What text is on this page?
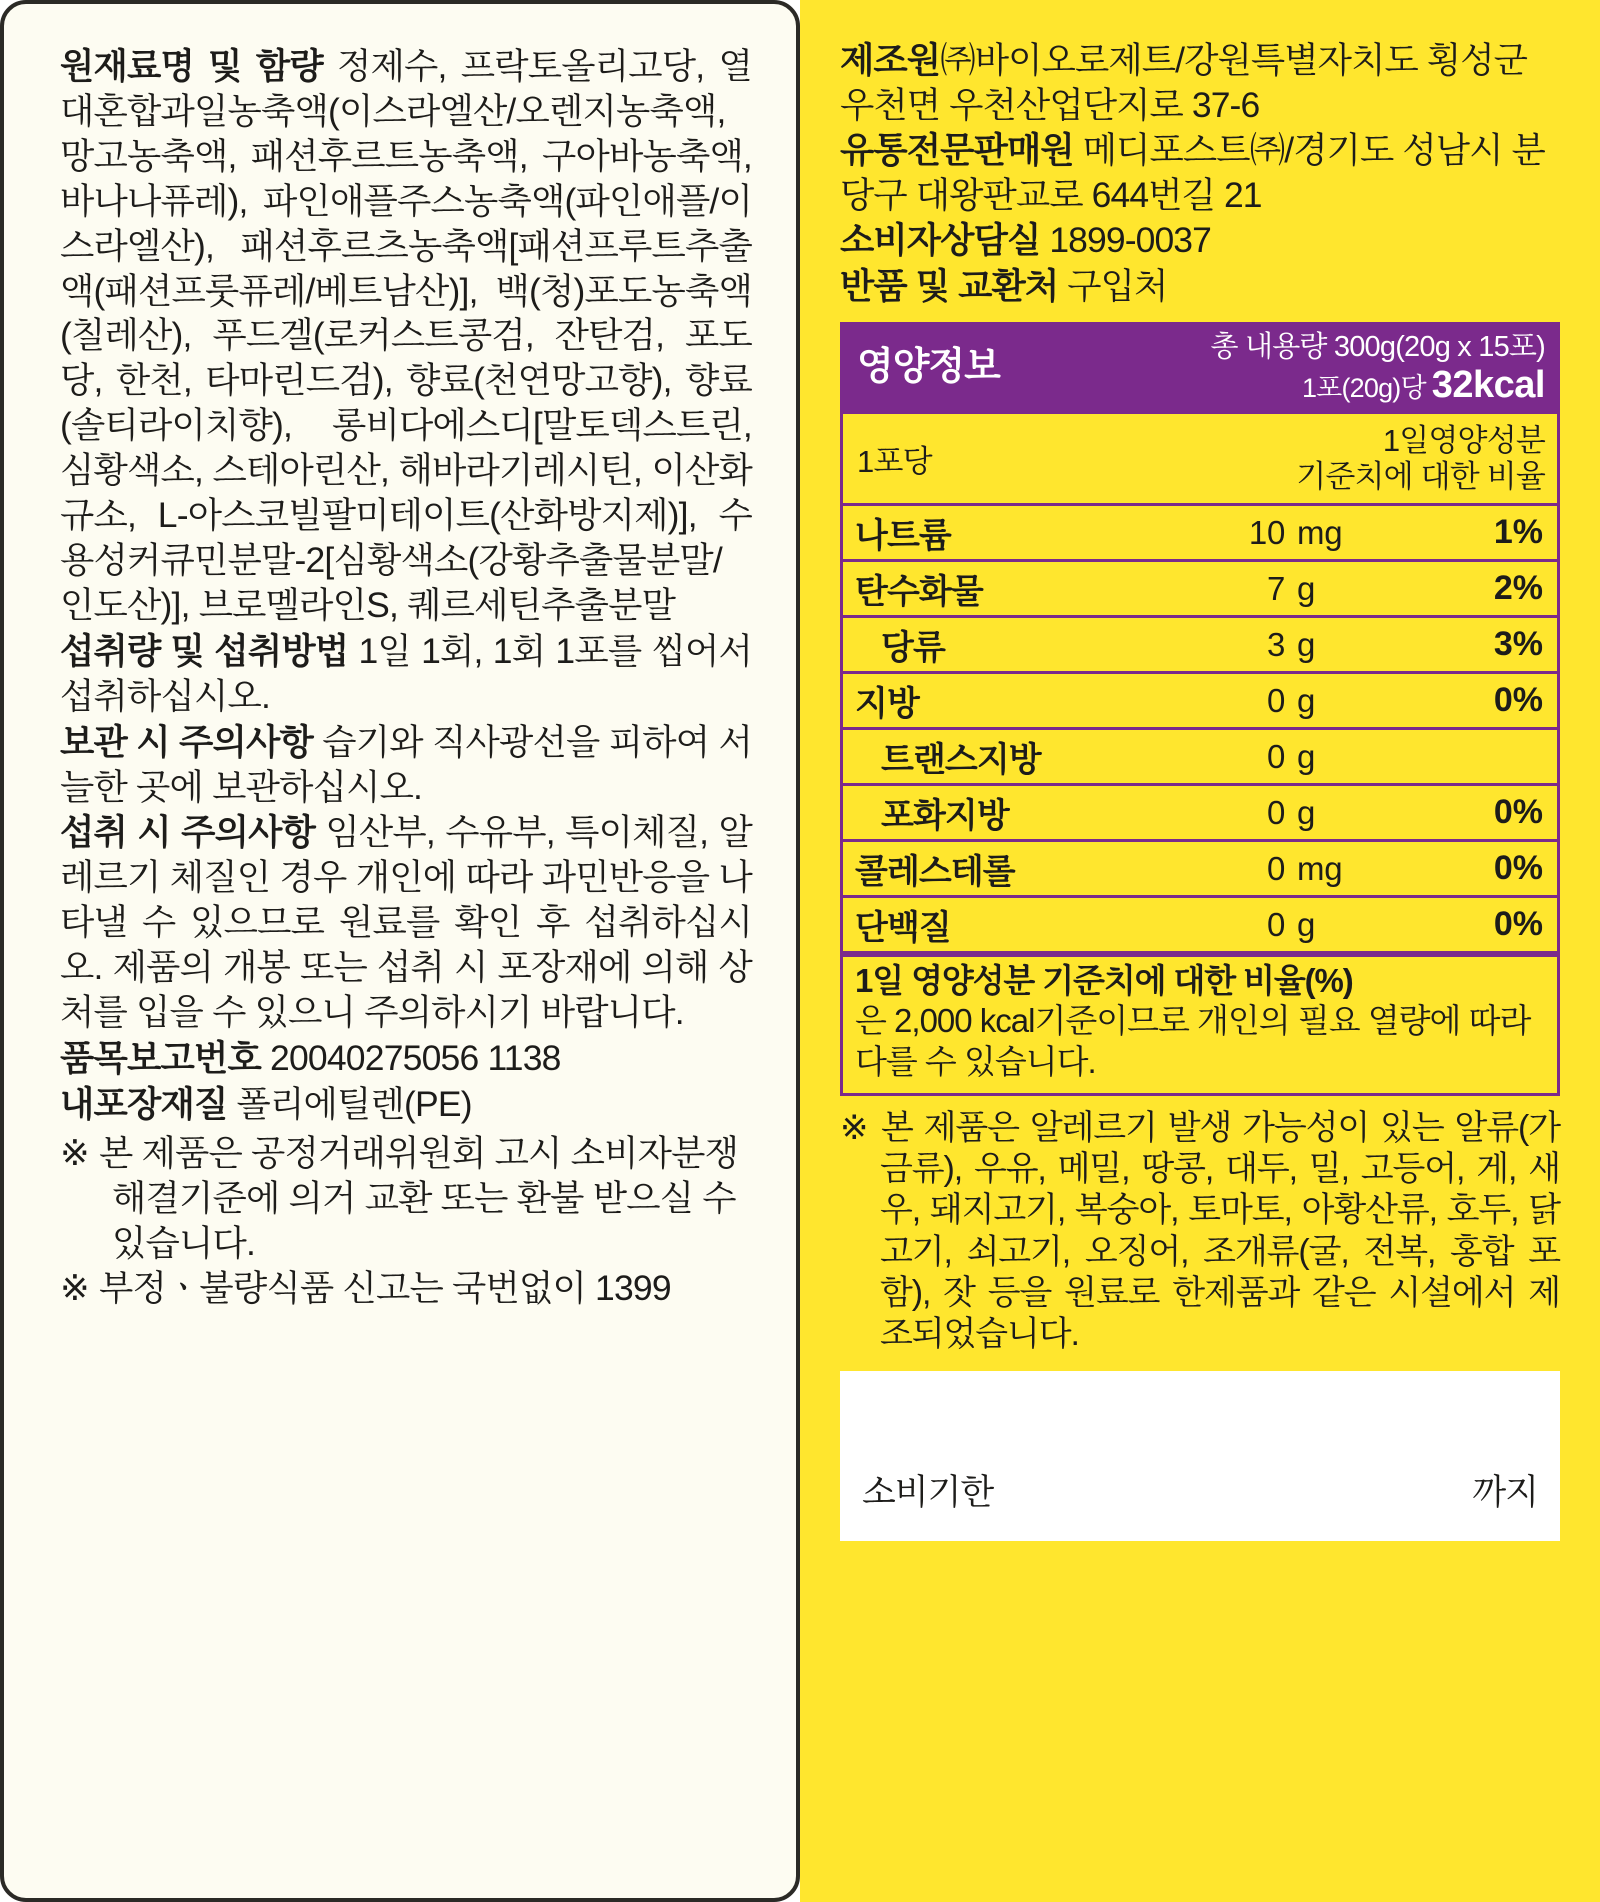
원재료명 및 함량 정제수, 프락토올리고당, 열대혼합과일농축액(이스라엘산/오렌지농축액, 망고농축액, 패션후르트농축액, 구아바농축액, 바나나퓨레), 파인애플주스농축액(파인애플/이스라엘산), 패션후르츠농축액[패션프루트추출액(패션프룻퓨레/베트남산)], 백(청)포도농축액(칠레산), 푸드겔(로커스트콩검, 잔탄검, 포도당, 한천, 타마린드검), 향료(천연망고향), 향료(솔티라이치향), 롱비다에스디[말토덱스트린, 심황색소, 스테아린산, 해바라기레시틴, 이산화규소, L-아스코빌팔미테이트(산화방지제)], 수용성커큐민분말-2[심황색소(강황추출물분말/인도산)], 브로멜라인S, 퀘르세틴추출분말

섭취량 및 섭취방법 1일 1회, 1회 1포를 씹어서 섭취하십시오.

보관 시 주의사항 습기와 직사광선을 피하여 서늘한 곳에 보관하십시오.

섭취 시 주의사항 임산부, 수유부, 특이체질, 알레르기 체질인 경우 개인에 따라 과민반응을 나타낼 수 있으므로 원료를 확인 후 섭취하십시오. 제품의 개봉 또는 섭취 시 포장재에 의해 상처를 입을 수 있으니 주의하시기 바랍니다.

품목보고번호 20040275056 1138

내포장재질 폴리에틸렌(PE)

※ 본 제품은 공정거래위원회 고시 소비자분쟁해결기준에 의거 교환 또는 환불 받으실 수 있습니다.
※ 부정ㆍ불량식품 신고는 국번없이 1399

제조원㈜바이오로제트/강원특별자치도 횡성군 우천면 우천산업단지로 37-6

유통전문판매원 메디포스트㈜/경기도 성남시 분당구 대왕판교로 644번길 21

소비자상담실 1899-0037

반품 및 교환처 구입처

영양정보	총 내용량 300g(20g x 15포)
1포(20g)당 32kcal
1포당
1일영양성분
기준치에 대한 비율
나트륨	10 mg	1%
탄수화물	7 g	2%
당류	3 g	3%
지방	0 g	0%
트랜스지방	0 g
포화지방	0 g	0%
콜레스테롤	0 mg	0%
단백질	0 g	0%
1일 영양성분 기준치에 대한 비율(%)
은 2,000 kcal기준이므로 개인의 필요 열량에 따라 다를 수 있습니다.
※ 본 제품은 알레르기 발생 가능성이 있는 알류(가금류), 우유, 메밀, 땅콩, 대두, 밀, 고등어, 게, 새우, 돼지고기, 복숭아, 토마토, 아황산류, 호두, 닭고기, 쇠고기, 오징어, 조개류(굴, 전복, 홍합 포함), 잣 등을 원료로 한제품과 같은 시설에서 제조되었습니다.
소비기한	까지
